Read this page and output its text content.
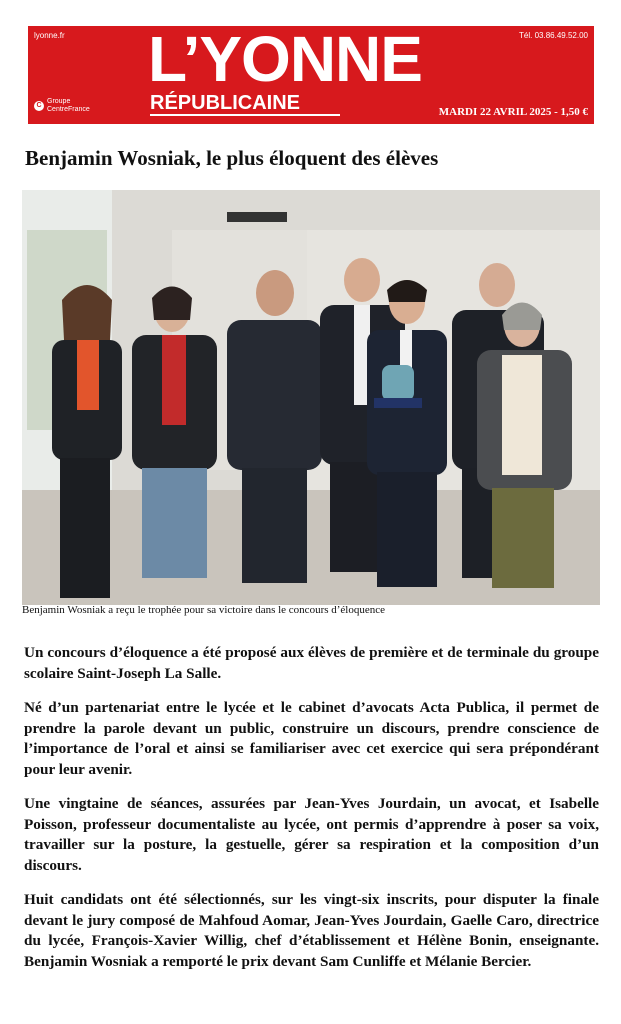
lyonne.fr	Tél. 03.86.49.52.00
L’YONNE
RÉPUBLICAINE
C
Groupe
CentreFrance	MARDI 22 AVRIL 2025 - 1,50 €
Benjamin Wosniak, le plus éloquent des élèves
Benjamin Wosniak a reçu le trophée pour sa victoire dans le concours d’éloquence

Un concours d’éloquence a été proposé aux élèves de première et de terminale du groupe scolaire Saint-Joseph La Salle.

Né d’un partenariat entre le lycée et le cabinet d’avocats Acta Publica, il permet de prendre la parole devant un public, construire un discours, prendre conscience de l’importance de l’oral et ainsi se familiariser avec cet exercice qui sera prépondérant pour leur avenir.

Une vingtaine de séances, assurées par Jean-Yves Jourdain, un avocat, et Isabelle Poisson, professeur documentaliste au lycée, ont permis d’apprendre à poser sa voix, travailler sur la posture, la gestuelle, gérer sa respiration et la composition d’un discours.

Huit candidats ont été sélectionnés, sur les vingt-six inscrits, pour disputer la finale devant le jury composé de Mahfoud Aomar, Jean-Yves Jourdain, Gaelle Caro, directrice du lycée, François-Xavier Willig, chef d’établissement et Hélène Bonin, enseignante. Benjamin Wosniak a remporté le prix devant Sam Cunliffe et Mélanie Bercier.
